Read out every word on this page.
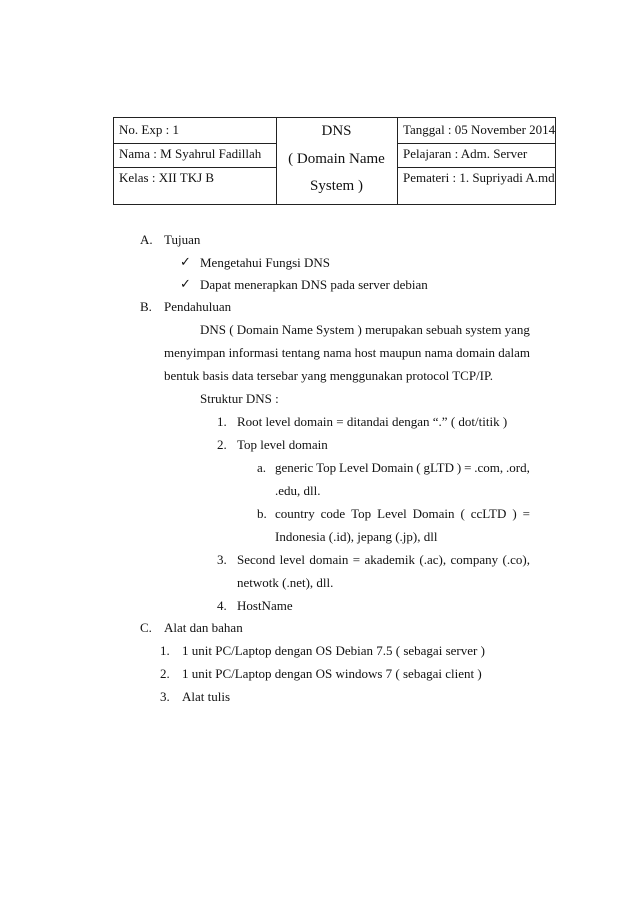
No. Exp : 1
Nama : M Syahrul Fadillah
Kelas : XII TKJ B
DNS
( Domain Name
System )
Tanggal : 05 November 2014
Pelajaran : Adm. Server
Pemateri : 1. Supriyadi A.md
A. Tujuan
✓ Mengetahui Fungsi DNS
✓ Dapat menerapkan DNS pada server debian
B. Pendahuluan
DNS ( Domain Name System ) merupakan sebuah system yang
menyimpan informasi tentang nama host maupun nama domain dalam
bentuk basis data tersebar yang menggunakan protocol TCP/IP.
Struktur DNS :
1. Root level domain = ditandai dengan “.” ( dot/titik )
2. Top level domain
a. generic Top Level Domain ( gLTD ) = .com, .ord,
.edu, dll.
b. country code Top Level Domain ( ccLTD ) =
Indonesia (.id), jepang (.jp), dll
3. Second level domain = akademik (.ac), company (.co),
netwotk (.net), dll.
4. HostName
C. Alat dan bahan
1. 1 unit PC/Laptop dengan OS Debian 7.5 ( sebagai server )
2. 1 unit PC/Laptop dengan OS windows 7 ( sebagai client )
3. Alat tulis
